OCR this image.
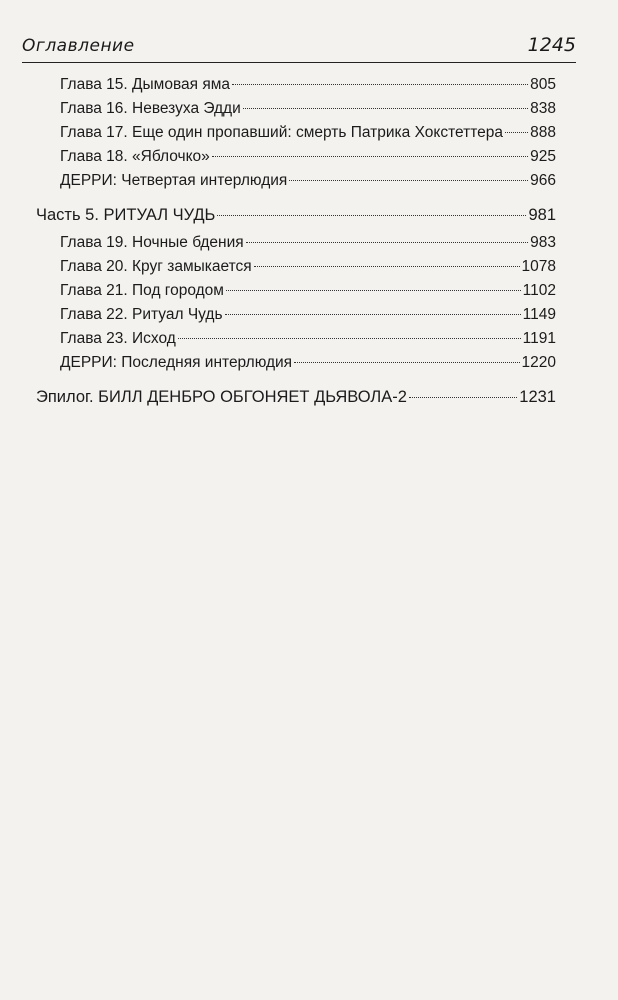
Оглавление	1245
Глава 15. Дымовая яма	805
Глава 16. Невезуха Эдди	838
Глава 17. Еще один пропавший: смерть Патрика Хокстеттера 888
Глава 18. «Яблочко»	925
ДЕРРИ: Четвертая интерлюдия	966
Часть 5. РИТУАЛ ЧУДЬ	981
Глава 19. Ночные бдения	983
Глава 20. Круг замыкается	1078
Глава 21. Под городом	1102
Глава 22. Ритуал Чудь	1149
Глава 23. Исход	1191
ДЕРРИ: Последняя интерлюдия	1220
Эпилог. БИЛЛ ДЕНБРО ОБГОНЯЕТ ДЬЯВОЛА-2	1231
